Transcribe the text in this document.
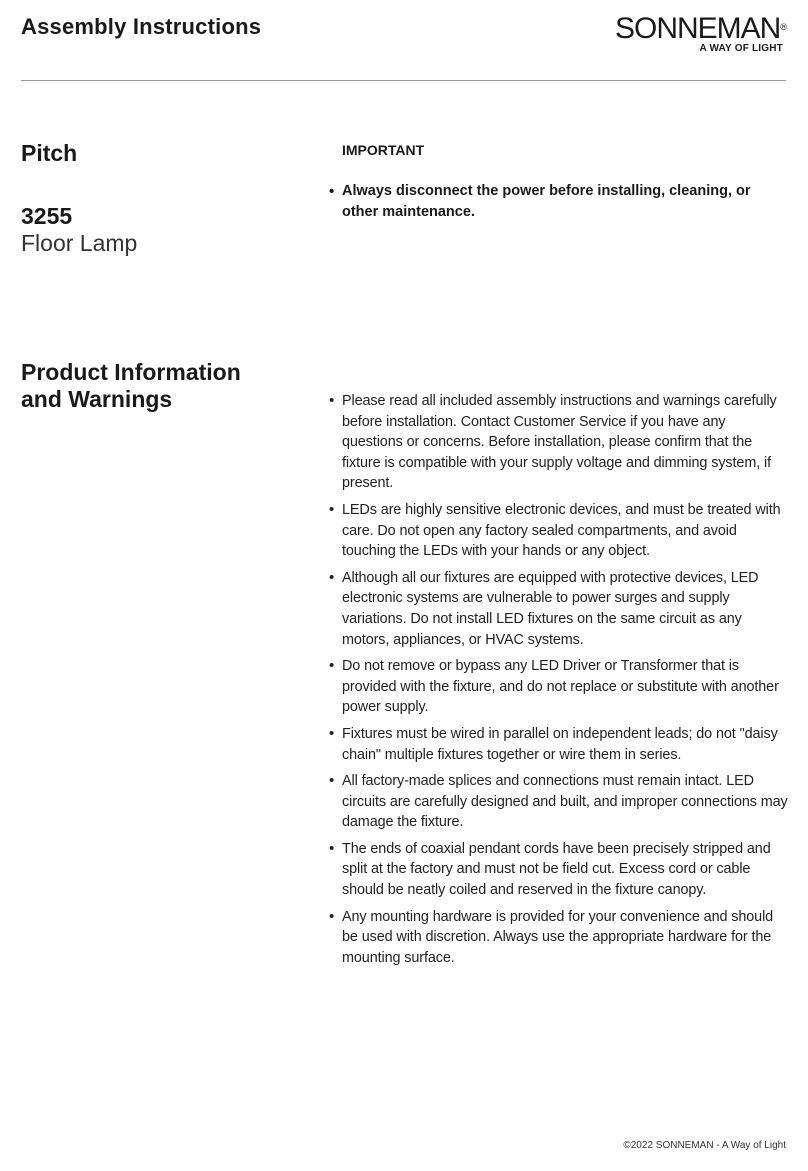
Assembly Instructions	SONNEMAN®
A WAY OF LIGHT
Pitch
3255
Floor Lamp
IMPORTANT
• Always disconnect the power before installing, cleaning, or other maintenance.
Product Information
and Warnings	• Please read all included assembly instructions and warnings carefully before installation. Contact Customer Service if you have any questions or concerns. Before installation, please confirm that the fixture is compatible with your supply voltage and dimming system, if present.
• LEDs are highly sensitive electronic devices, and must be treated with care. Do not open any factory sealed compartments, and avoid touching the LEDs with your hands or any object.
• Although all our fixtures are equipped with protective devices, LED electronic systems are vulnerable to power surges and supply variations. Do not install LED fixtures on the same circuit as any motors, appliances, or HVAC systems.
• Do not remove or bypass any LED Driver or Transformer that is provided with the fixture, and do not replace or substitute with another power supply.
• Fixtures must be wired in parallel on independent leads; do not "daisy chain" multiple fixtures together or wire them in series.
• All factory-made splices and connections must remain intact. LED circuits are carefully designed and built, and improper connections may damage the fixture.
• The ends of coaxial pendant cords have been precisely stripped and split at the factory and must not be field cut. Excess cord or cable should be neatly coiled and reserved in the fixture canopy.
• Any mounting hardware is provided for your convenience and should be used with discretion. Always use the appropriate hardware for the mounting surface.
©2022 SONNEMAN - A Way of Light
